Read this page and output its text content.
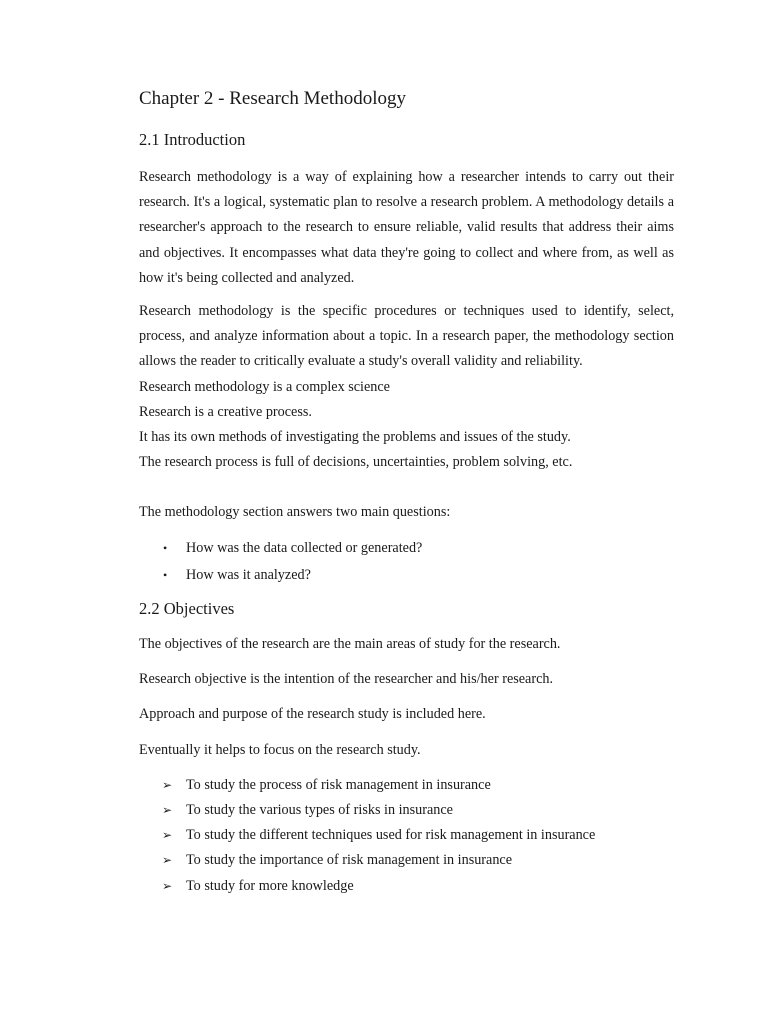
Chapter 2 - Research Methodology
2.1 Introduction

Research methodology is a way of explaining how a researcher intends to carry out their research. It's a logical, systematic plan to resolve a research problem. A methodology details a researcher's approach to the research to ensure reliable, valid results that address their aims and objectives. It encompasses what data they're going to collect and where from, as well as how it's being collected and analyzed.

Research methodology is the specific procedures or techniques used to identify, select, process, and analyze information about a topic. In a research paper, the methodology section allows the reader to critically evaluate a study's overall validity and reliability.

Research methodology is a complex science

Research is a creative process.

It has its own methods of investigating the problems and issues of the study.

The research process is full of decisions, uncertainties, problem solving, etc.

The methodology section answers two main questions:

• How was the data collected or generated?
• How was it analyzed?
2.2 Objectives

The objectives of the research are the main areas of study for the research.

Research objective is the intention of the researcher and his/her research.

Approach and purpose of the research study is included here.

Eventually it helps to focus on the research study.

➢ To study the process of risk management in insurance
➢ To study the various types of risks in insurance
➢ To study the different techniques used for risk management in insurance
➢ To study the importance of risk management in insurance
➢ To study for more knowledge
